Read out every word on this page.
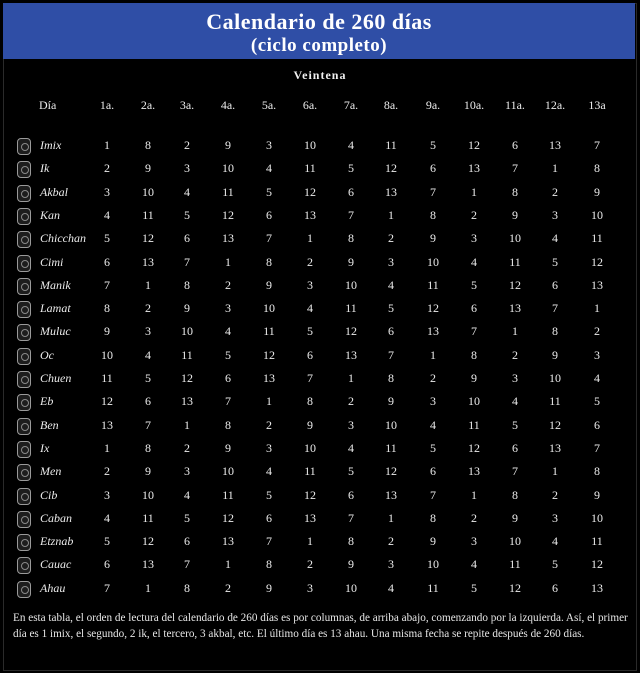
Calendario de 260 días
(ciclo completo)
Veintena
Día	1a.	2a.	3a.	4a.	5a.	6a.	7a.	8a.	9a.	10a.	11a.	12a.	13a
Imix	1	8	2	9	3	10	4	11	5	12	6	13	7
Ik	2	9	3	10	4	11	5	12	6	13	7	1	8
Akbal	3	10	4	11	5	12	6	13	7	1	8	2	9
Kan	4	11	5	12	6	13	7	1	8	2	9	3	10
Chicchan	5	12	6	13	7	1	8	2	9	3	10	4	11
Cimi	6	13	7	1	8	2	9	3	10	4	11	5	12
Manik	7	1	8	2	9	3	10	4	11	5	12	6	13
Lamat	8	2	9	3	10	4	11	5	12	6	13	7	1
Muluc	9	3	10	4	11	5	12	6	13	7	1	8	2
Oc	10	4	11	5	12	6	13	7	1	8	2	9	3
Chuen	11	5	12	6	13	7	1	8	2	9	3	10	4
Eb	12	6	13	7	1	8	2	9	3	10	4	11	5
Ben	13	7	1	8	2	9	3	10	4	11	5	12	6
Ix	1	8	2	9	3	10	4	11	5	12	6	13	7
Men	2	9	3	10	4	11	5	12	6	13	7	1	8
Cib	3	10	4	11	5	12	6	13	7	1	8	2	9
Caban	4	11	5	12	6	13	7	1	8	2	9	3	10
Etznab	5	12	6	13	7	1	8	2	9	3	10	4	11
Cauac	6	13	7	1	8	2	9	3	10	4	11	5	12
Ahau	7	1	8	2	9	3	10	4	11	5	12	6	13
En esta tabla, el orden de lectura del calendario de 260 días es por columnas, de arriba abajo, comenzando por la izquierda. Así, el primer día es 1 imix, el segundo, 2 ik, el tercero, 3 akbal, etc. El último día es 13 ahau. Una misma fecha se repite después de 260 días.
